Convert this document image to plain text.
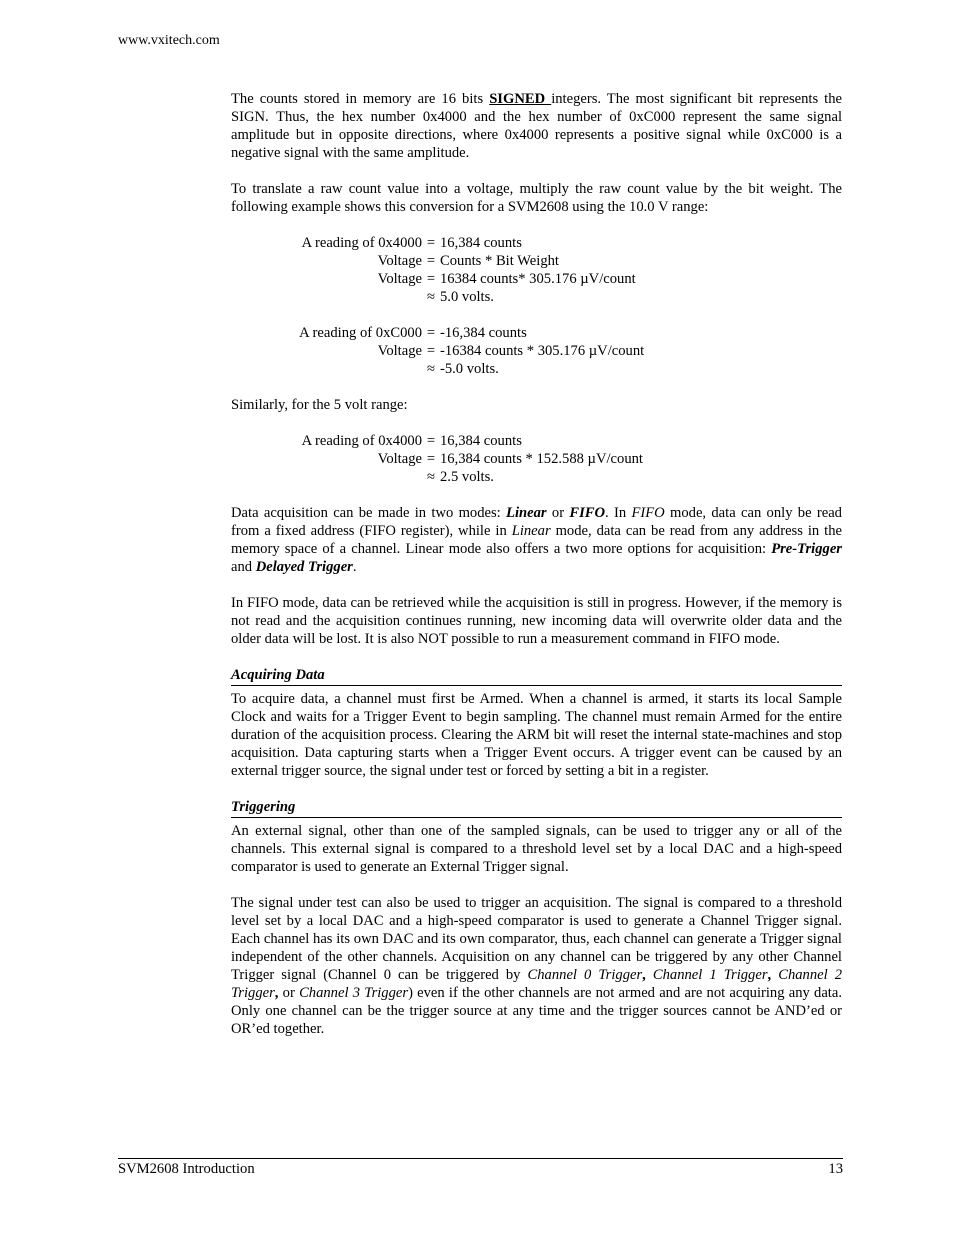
www.vxitech.com

The counts stored in memory are 16 bits SIGNED integers. The most significant bit represents the SIGN. Thus, the hex number 0x4000 and the hex number of 0xC000 represent the same signal amplitude but in opposite directions, where 0x4000 represents a positive signal while 0xC000 is a negative signal with the same amplitude.

To translate a raw count value into a voltage, multiply the raw count value by the bit weight. The following example shows this conversion for a SVM2608 using the 10.0 V range:

A reading of 0x4000 = 16,384 counts
Voltage = Counts * Bit Weight
Voltage = 16384 counts* 305.176 µV/count
≈ 5.0 volts.
A reading of 0xC000 = -16,384 counts
Voltage = -16384 counts * 305.176 µV/count
≈ -5.0 volts.

Similarly, for the 5 volt range:

A reading of 0x4000 = 16,384 counts
Voltage = 16,384 counts * 152.588 µV/count
≈ 2.5 volts.

Data acquisition can be made in two modes: Linear or FIFO. In FIFO mode, data can only be read from a fixed address (FIFO register), while in Linear mode, data can be read from any address in the memory space of a channel. Linear mode also offers a two more options for acquisition: Pre-Trigger and Delayed Trigger.

In FIFO mode, data can be retrieved while the acquisition is still in progress. However, if the memory is not read and the acquisition continues running, new incoming data will overwrite older data and the older data will be lost. It is also NOT possible to run a measurement command in FIFO mode.

Acquiring Data

To acquire data, a channel must first be Armed. When a channel is armed, it starts its local Sample Clock and waits for a Trigger Event to begin sampling. The channel must remain Armed for the entire duration of the acquisition process. Clearing the ARM bit will reset the internal state-machines and stop acquisition. Data capturing starts when a Trigger Event occurs. A trigger event can be caused by an external trigger source, the signal under test or forced by setting a bit in a register.

Triggering

An external signal, other than one of the sampled signals, can be used to trigger any or all of the channels. This external signal is compared to a threshold level set by a local DAC and a high-speed comparator is used to generate an External Trigger signal.

The signal under test can also be used to trigger an acquisition. The signal is compared to a threshold level set by a local DAC and a high-speed comparator is used to generate a Channel Trigger signal. Each channel has its own DAC and its own comparator, thus, each channel can generate a Trigger signal independent of the other channels. Acquisition on any channel can be triggered by any other Channel Trigger signal (Channel 0 can be triggered by Channel 0 Trigger, Channel 1 Trigger, Channel 2 Trigger, or Channel 3 Trigger) even if the other channels are not armed and are not acquiring any data. Only one channel can be the trigger source at any time and the trigger sources cannot be AND’ed or OR’ed together.

SVM2608 Introduction	13
